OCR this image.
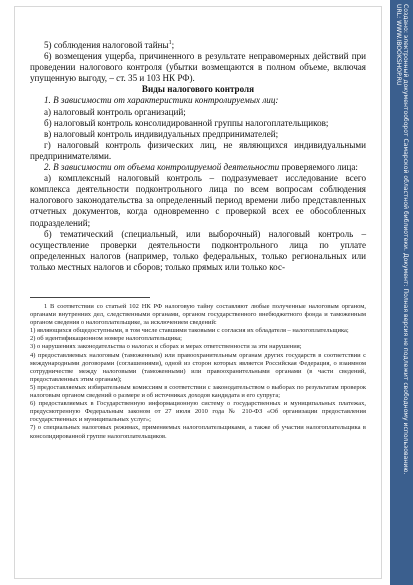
5) соблюдения налоговой тайны$^1$;

6) возмещения ущерба, причиненного в результате неправомерных действий при проведении налогового контроля (убытки возмещаются в полном объеме, включая упущенную выгоду, – ст. 35 и 103 НК РФ).

Виды налогового контроля

1. В зависимости от характеристики контролируемых лиц:

а) налоговый контроль организаций;

б) налоговый контроль консолидированной группы налогоплательщиков;

в) налоговый контроль индивидуальных предпринимателей;

г) налоговый контроль физических лиц, не являющихся индивидуальными предпринимателями.

2. В зависимости от объема контролируемой деятельности проверяемого лица:

а) комплексный налоговый контроль – подразумевает исследование всего комплекса деятельности подконтрольного лица по всем вопросам соблюдения налогового законодательства за определенный период времени либо представленных отчетных документов, когда одновременно с проверкой всех ее обособленных подразделений;

б) тематический (специальный, или выборочный) налоговый контроль – осуществление проверки деятельности подконтрольного лица по уплате определенных налогов (например, только федеральных, только региональных или только местных налогов и сборов; только прямых или только кос-

1 В соответствии со статьей 102 НК РФ налоговую тайну составляют любые полученные налоговым органом, органами внутренних дел, следственными органами, органом государственного внебюджетного фонда и таможенным органом сведения о налогоплательщике, за исключением сведений:

1) являющихся общедоступными, в том числе ставшими таковыми с согласия их обладателя – налогоплательщика;

2) об идентификационном номере налогоплательщика;

3) о нарушениях законодательства о налогах и сборах и мерах ответственности за эти нарушения;

4) предоставляемых налоговым (таможенным) или правоохранительным органам других государств в соответствии с международными договорами (соглашениями), одной из сторон которых является Российская Федерация, о взаимном сотрудничестве между налоговыми (таможенными) или правоохранительными органами (в части сведений, предоставленных этим органам);

5) предоставляемых избирательным комиссиям в соответствии с законодательством о выборах по результатам проверок налоговым органом сведений о размере и об источниках доходов кандидата и его супруга;

6) предоставляемых в Государственную информационную систему о государственных и муниципальных платежах, предусмотренную Федеральным законом от 27 июля 2010 года № 210-ФЗ «Об организации предоставления государственных и муниципальных услуг»;

7) о специальных налоговых режимах, применяемых налогоплательщиками, а также об участии налогоплательщика в консолидированной группе налогоплательщиков.	Создано: электронный документооборот Самарской областной библиотеки. Документ: Полная версия не подлежит свободному использованию.
URL: WWW.IBOOKSHOP.RU
